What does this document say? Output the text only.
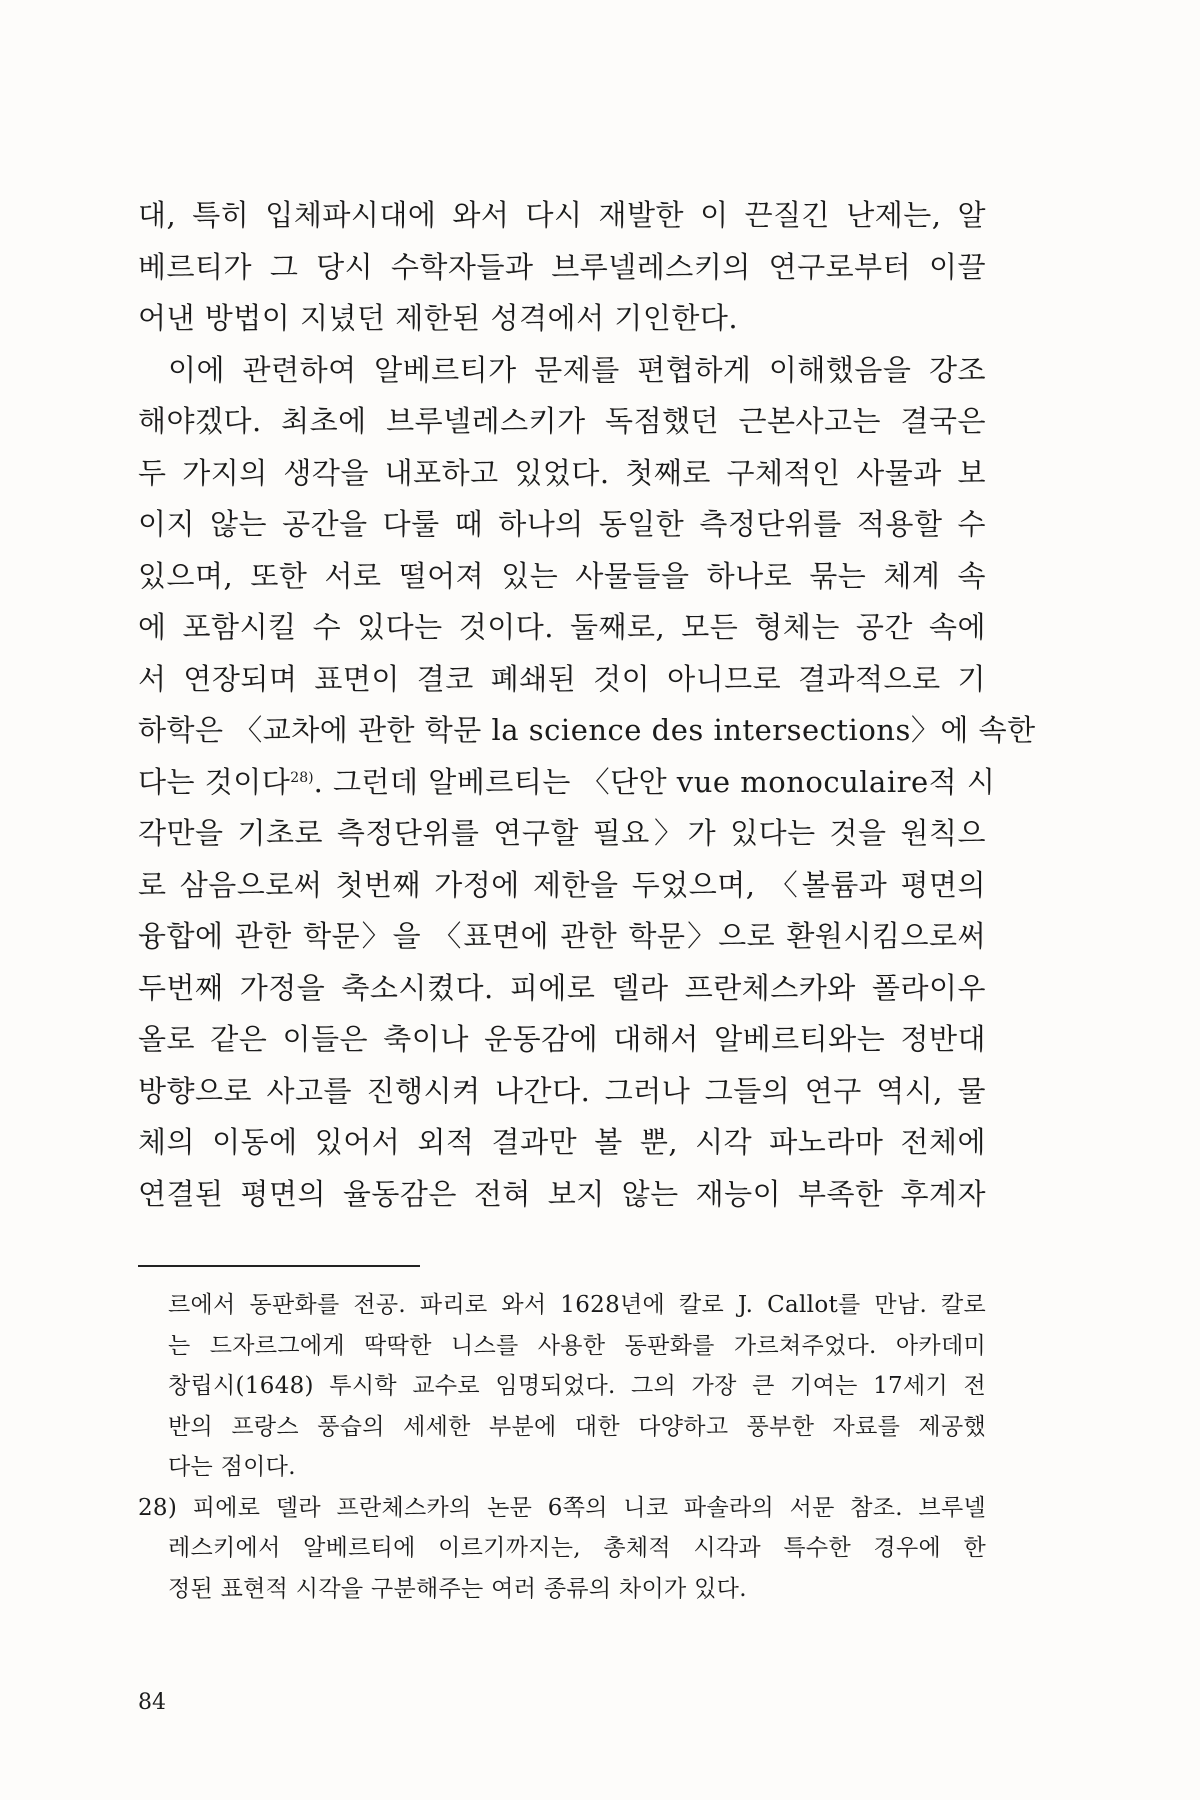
대, 특히 입체파시대에 와서 다시 재발한 이 끈질긴 난제는, 알
베르티가 그 당시 수학자들과 브루넬레스키의 연구로부터 이끌
어낸 방법이 지녔던 제한된 성격에서 기인한다.
이에 관련하여 알베르티가 문제를 편협하게 이해했음을 강조
해야겠다. 최초에 브루넬레스키가 독점했던 근본사고는 결국은
두 가지의 생각을 내포하고 있었다. 첫째로 구체적인 사물과 보
이지 않는 공간을 다룰 때 하나의 동일한 측정단위를 적용할 수
있으며, 또한 서로 떨어져 있는 사물들을 하나로 묶는 체계 속
에 포함시킬 수 있다는 것이다. 둘째로, 모든 형체는 공간 속에
서 연장되며 표면이 결코 폐쇄된 것이 아니므로 결과적으로 기
하학은 〈교차에 관한 학문 la science des intersections〉에 속한
다는 것이다$^{28)}$. 그런데 알베르티는 〈단안 vue monoculaire적 시
각만을 기초로 측정단위를 연구할 필요〉가 있다는 것을 원칙으
로 삼음으로써 첫번째 가정에 제한을 두었으며, 〈볼륨과 평면의
융합에 관한 학문〉을 〈표면에 관한 학문〉으로 환원시킴으로써
두번째 가정을 축소시켰다. 피에로 델라 프란체스카와 폴라이우
올로 같은 이들은 축이나 운동감에 대해서 알베르티와는 정반대
방향으로 사고를 진행시켜 나간다. 그러나 그들의 연구 역시, 물
체의 이동에 있어서 외적 결과만 볼 뿐, 시각 파노라마 전체에
연결된 평면의 율동감은 전혀 보지 않는 재능이 부족한 후계자
르에서 동판화를 전공. 파리로 와서 1628년에 칼로 J. Callot를 만남. 칼로
는 드자르그에게 딱딱한 니스를 사용한 동판화를 가르쳐주었다. 아카데미
창립시(1648) 투시학 교수로 임명되었다. 그의 가장 큰 기여는 17세기 전
반의 프랑스 풍습의 세세한 부분에 대한 다양하고 풍부한 자료를 제공했
다는 점이다.
28) 피에로 델라 프란체스카의 논문 6쪽의 니코 파솔라의 서문 참조. 브루넬
레스키에서 알베르티에 이르기까지는, 총체적 시각과 특수한 경우에 한
정된 표현적 시각을 구분해주는 여러 종류의 차이가 있다.
84
